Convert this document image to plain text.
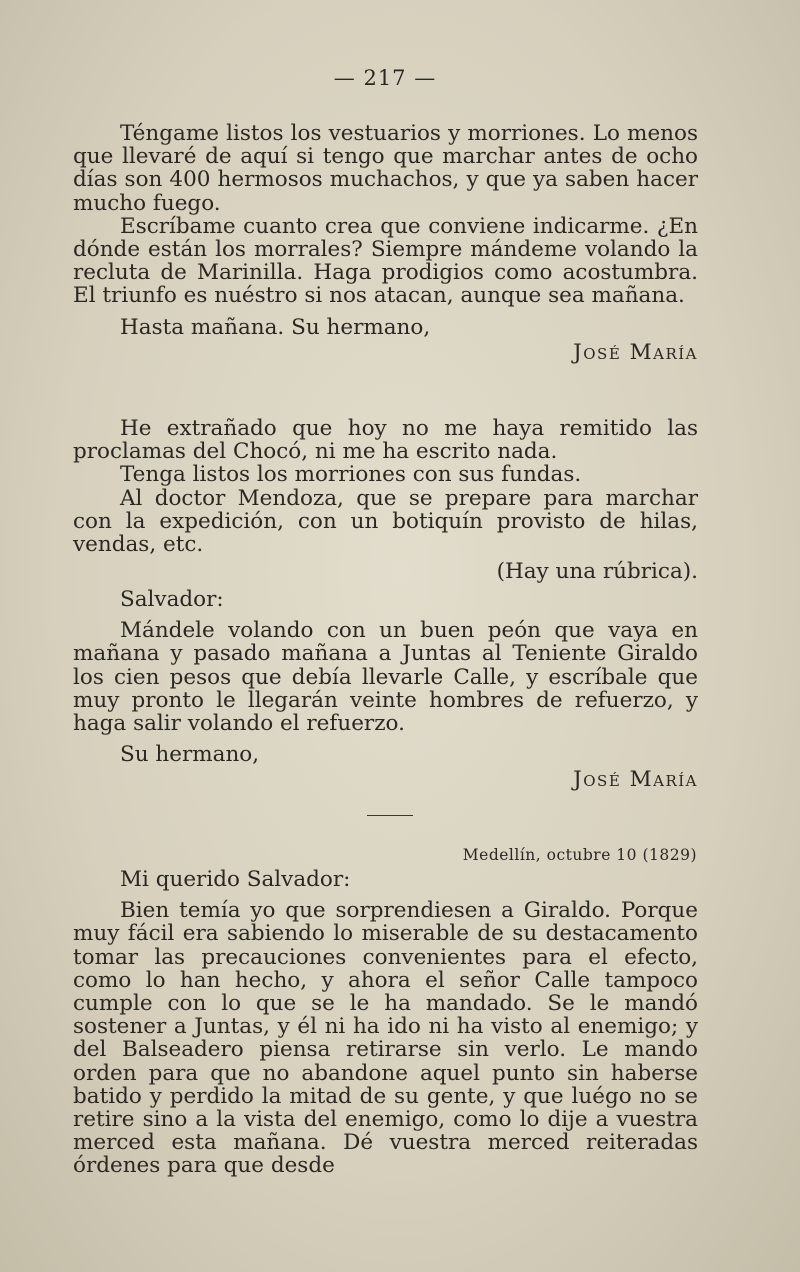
— 217 —

Téngame listos los vestuarios y morriones. Lo menos que llevaré de aquí si tengo que marchar antes de ocho días son 400 hermosos muchachos, y que ya saben hacer mucho fuego.

Escríbame cuanto crea que conviene indicarme. ¿En dónde están los morrales? Siempre mándeme volando la recluta de Marinilla. Haga prodigios como acostumbra. El triunfo es nuéstro si nos atacan, aunque sea mañana.

Hasta mañana. Su hermano,

José María

He extrañado que hoy no me haya remitido las proclamas del Chocó, ni me ha escrito nada.

Tenga listos los morriones con sus fundas.

Al doctor Mendoza, que se prepare para marchar con la expedición, con un botiquín provisto de hilas, vendas, etc.

(Hay una rúbrica).

Salvador:

Mándele volando con un buen peón que vaya en mañana y pasado mañana a Juntas al Teniente Giraldo los cien pesos que debía llevarle Calle, y escríbale que muy pronto le llegarán veinte hombres de refuerzo, y haga salir volando el refuerzo.

Su hermano,

José María
Medellín, octubre 10 (1829)

Mi querido Salvador:

Bien temía yo que sorprendiesen a Giraldo. Porque muy fácil era sabiendo lo miserable de su destacamento tomar las precauciones convenientes para el efecto, como lo han hecho, y ahora el señor Calle tampoco cumple con lo que se le ha mandado. Se le mandó sostener a Juntas, y él ni ha ido ni ha visto al enemigo; y del Balseadero piensa retirarse sin verlo. Le mando orden para que no abandone aquel punto sin haberse batido y perdido la mitad de su gente, y que luégo no se retire sino a la vista del enemigo, como lo dije a vuestra merced esta mañana. Dé vuestra merced reiteradas órdenes para que desde
